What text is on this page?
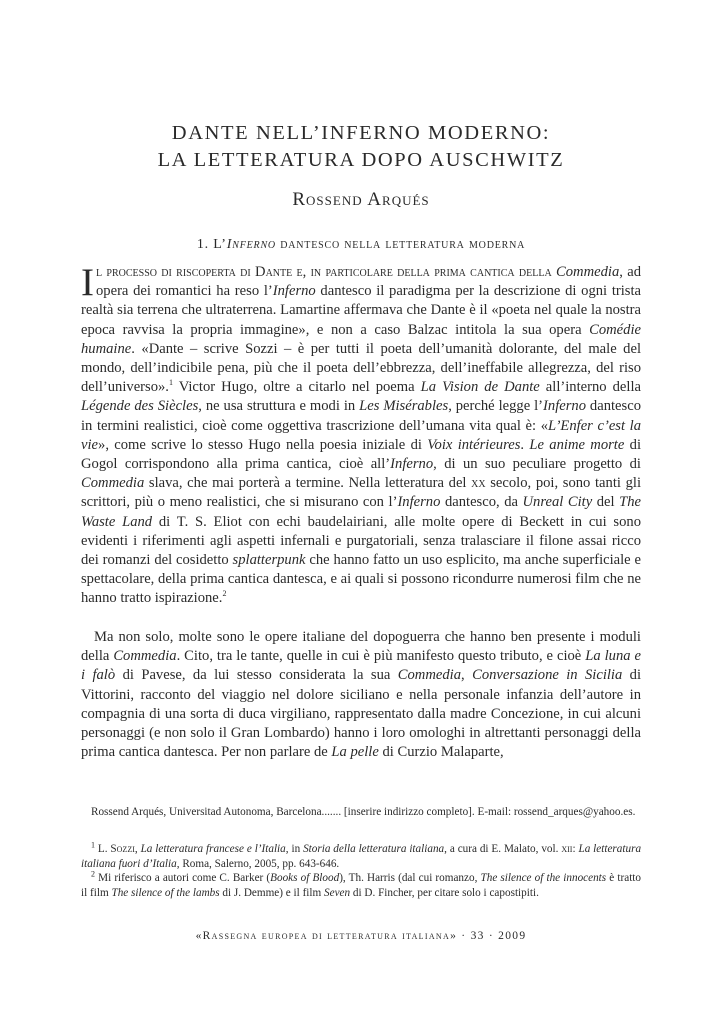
DANTE NELL’INFERNO MODERNO:
LA LETTERATURA DOPO AUSCHWITZ
Rossend Arqués
1. L’Inferno dantesco nella letteratura moderna
Il processo di riscoperta di Dante e, in particolare della prima cantica della Commedia, ad opera dei romantici ha reso l’Inferno dantesco il paradigma per la descrizione di ogni trista realtà sia terrena che ultraterrena. Lamartine affermava che Dante è il «poeta nel quale la nostra epoca ravvisa la propria immagine», e non a caso Balzac intitola la sua opera Comédie humaine. «Dante – scrive Sozzi – è per tutti il poeta dell’umanità dolorante, del male del mondo, dell’indicibile pena, più che il poeta dell’ebbrezza, dell’ineffabile allegrezza, del riso dell’universo».$^1$ Victor Hugo, oltre a citarlo nel poema La Vision de Dante all’interno della Légende des Siècles, ne usa struttura e modi in Les Misérables, perché legge l’Inferno dantesco in termini realistici, cioè come oggettiva trascrizione dell’umana vita qual è: «L’Enfer c’est la vie», come scrive lo stesso Hugo nella poesia iniziale di Voix intérieures. Le anime morte di Gogol corrispondono alla prima cantica, cioè all’Inferno, di un suo peculiare progetto di Commedia slava, che mai porterà a termine. Nella letteratura del xx secolo, poi, sono tanti gli scrittori, più o meno realistici, che si misurano con l’Inferno dantesco, da Unreal City del The Waste Land di T. S. Eliot con echi baudelairiani, alle molte opere di Beckett in cui sono evidenti i riferimenti agli aspetti infernali e purgatoriali, senza tralasciare il filone assai ricco dei romanzi del cosidetto splatterpunk che hanno fatto un uso esplicito, ma anche superficiale e spettacolare, della prima cantica dantesca, e ai quali si possono ricondurre numerosi film che ne hanno tratto ispirazione.$^2$
Ma non solo, molte sono le opere italiane del dopoguerra che hanno ben presente i moduli della Commedia. Cito, tra le tante, quelle in cui è più manifesto questo tributo, e cioè La luna e i falò di Pavese, da lui stesso considerata la sua Commedia, Conversazione in Sicilia di Vittorini, racconto del viaggio nel dolore siciliano e nella personale infanzia dell’autore in compagnia di una sorta di duca virgiliano, rappresentato dalla madre Concezione, in cui alcuni personaggi (e non solo il Gran Lombardo) hanno i loro omologhi in altrettanti personaggi della prima cantica dantesca. Per non parlare de La pelle di Curzio Malaparte,
Rossend Arqués, Universitad Autonoma, Barcelona....... [inserire indirizzo completo]. E-mail: rossend_arques@yahoo.es.
$^1$ L. Sozzi, La letteratura francese e l’Italia, in Storia della letteratura italiana, a cura di E. Malato, vol. xii: La letteratura italiana fuori d’Italia, Roma, Salerno, 2005, pp. 643-646.
$^2$ Mi riferisco a autori come C. Barker (Books of Blood), Th. Harris (dal cui romanzo, The silence of the innocents è tratto il film The silence of the lambs di J. Demme) e il film Seven di D. Fincher, per citare solo i capostipiti.
«Rassegna europea di letteratura italiana» · 33 · 2009
